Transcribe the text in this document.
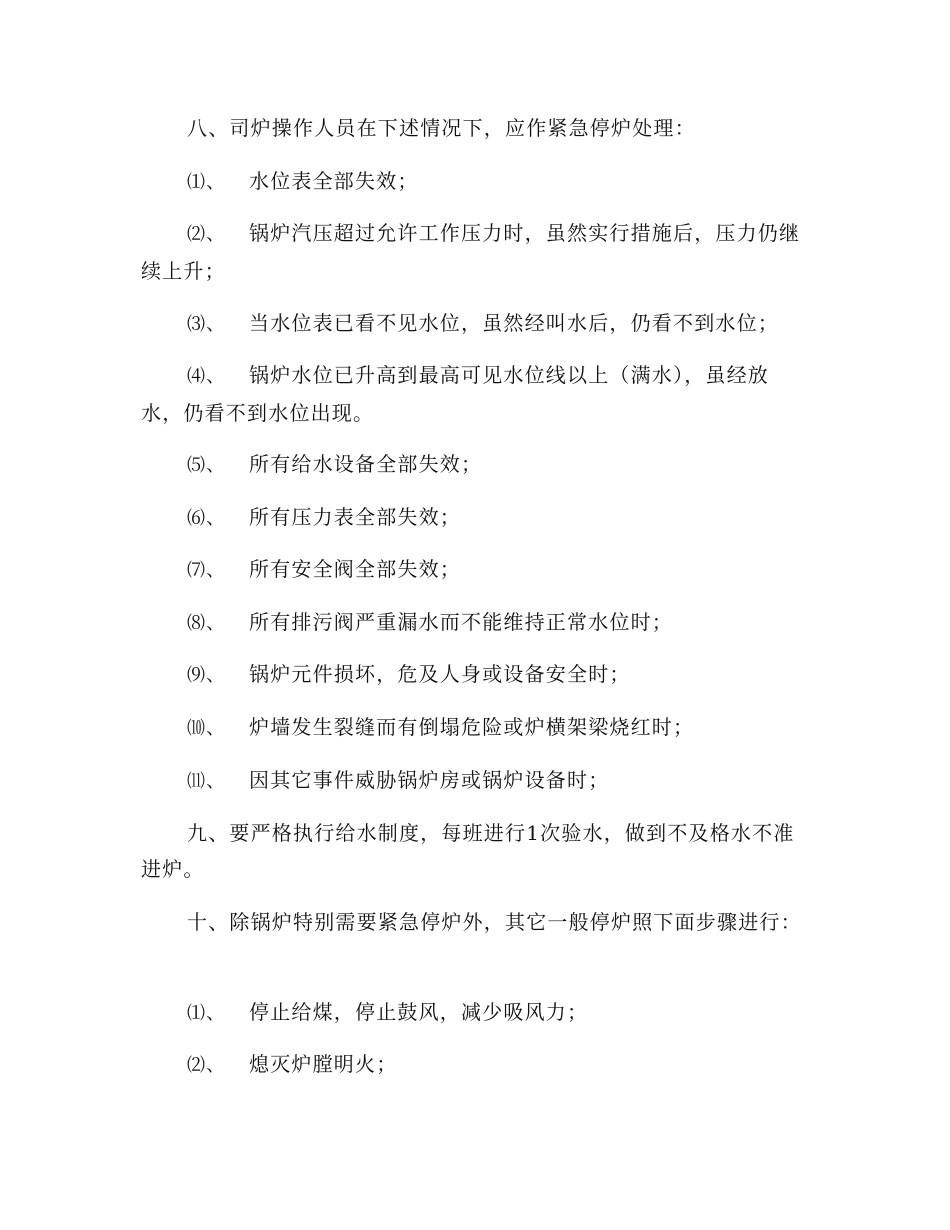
八、司炉操作人员在下述情况下，应作紧急停炉处理：

⑴、 水位表全部失效；

⑵、 锅炉汽压超过允许工作压力时，虽然实行措施后，压力仍继续上升；

⑶、 当水位表已看不见水位，虽然经叫水后，仍看不到水位；

⑷、 锅炉水位已升高到最高可见水位线以上（满水），虽经放水，仍看不到水位出现。

⑸、 所有给水设备全部失效；

⑹、 所有压力表全部失效；

⑺、 所有安全阀全部失效；

⑻、 所有排污阀严重漏水而不能维持正常水位时；

⑼、 锅炉元件损坏，危及人身或设备安全时；

⑽、 炉墙发生裂缝而有倒塌危险或炉横架梁烧红时；

⑾、 因其它事件威胁锅炉房或锅炉设备时；

九、要严格执行给水制度，每班进行1次验水，做到不及格水不准进炉。

十、除锅炉特别需要紧急停炉外，其它一般停炉照下面步骤进行：

⑴、 停止给煤，停止鼓风，减少吸风力；

⑵、 熄灭炉膛明火；
